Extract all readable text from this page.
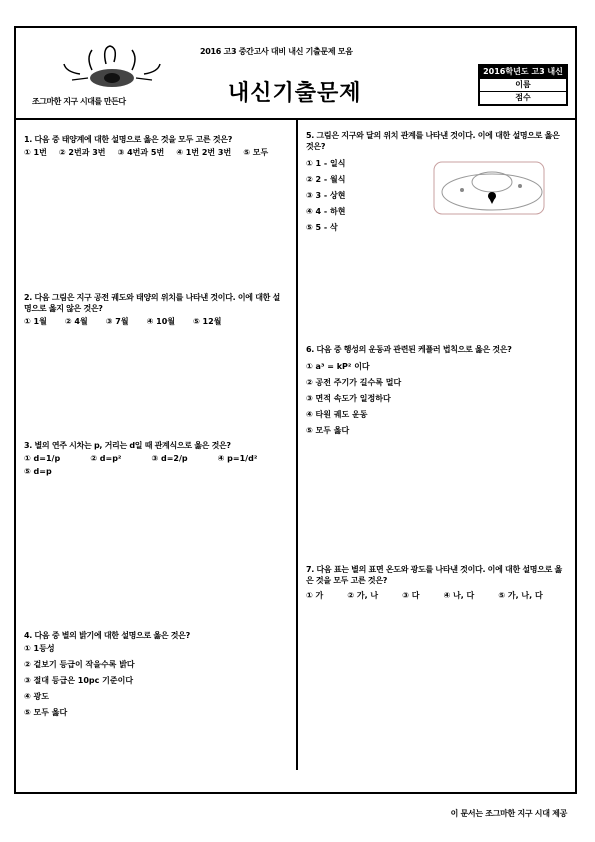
조그마한 지구 시대를 만든다
2016 고3 중간고사 대비 내신 기출문제 모음
내신기출문제
2016학년도 고3 내신
이름
점수
1. 다음 중 태양계에 대한 설명으로 옳은 것을 모두 고른 것은?
① 1번 ② 2번과 3번 ③ 4번과 5번 ④ 1번 2번 3번 ⑤ 모두
2. 다음 그림은 지구 공전 궤도와 태양의 위치를 나타낸 것이다. 이에 대한 설명으로 옳지 않은 것은?
① 1월 ② 4월 ③ 7월 ④ 10월 ⑤ 12월
3. 별의 연주 시차는 p, 거리는 d일 때 관계식으로 옳은 것은?
① d=1/p	② d=p²	③ d=2/p	④ p=1/d²
⑤ d=p
4. 다음 중 별의 밝기에 대한 설명으로 옳은 것은?
① 1등성
② 겉보기 등급이 작을수록 밝다
③ 절대 등급은 10pc 기준이다
④ 광도
⑤ 모두 옳다
5. 그림은 지구와 달의 위치 관계를 나타낸 것이다. 이에 대한 설명으로 옳은 것은?
① 1 - 일식
② 2 - 월식
③ 3 - 상현
④ 4 - 하현
⑤ 5 - 삭
6. 다음 중 행성의 운동과 관련된 케플러 법칙으로 옳은 것은?
① a³ = kP² 이다
② 공전 주기가 길수록 멀다
③ 면적 속도가 일정하다
④ 타원 궤도 운동
⑤ 모두 옳다
7. 다음 표는 별의 표면 온도와 광도를 나타낸 것이다. 이에 대한 설명으로 옳은 것을 모두 고른 것은?
① 가	② 가, 나	③ 다	④ 나, 다	⑤ 가, 나, 다
이 문서는 조그마한 지구 시대 제공
